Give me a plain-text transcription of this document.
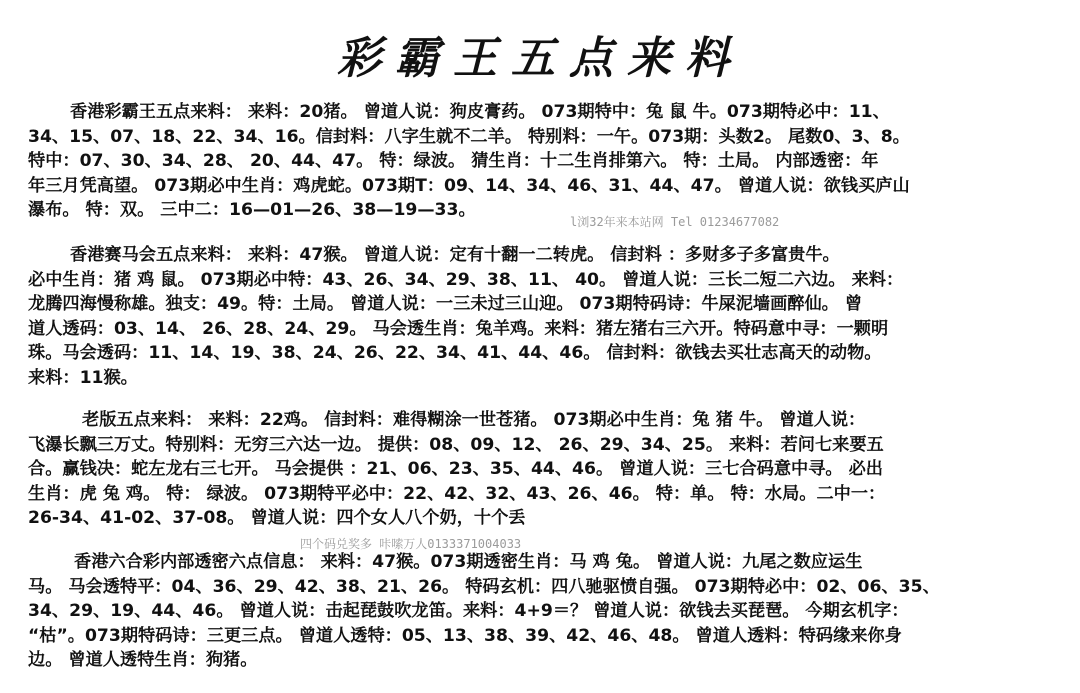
彩霸王五点来料
香港彩霸王五点来料： 来料：20猪。 曾道人说：狗皮膏药。 073期特中：兔 鼠 牛。073期特必中：11、
34、15、07、18、22、34、16。信封料：八字生就不二羊。 特别料：一午。073期：头数2。 尾数0、3、8。
特中：07、30、34、28、 20、44、47。 特：绿波。 猜生肖：十二生肖排第六。 特：土局。 内部透密：年
年三月凭高望。 073期必中生肖：鸡虎蛇。073期T：09、14、34、46、31、44、47。 曾道人说：欲钱买庐山
瀑布。 特：双。 三中二：16—01—26、38—19—33。
l浏32年来本站网 Tel 01234677082
香港赛马会五点来料： 来料：47猴。 曾道人说：定有十翻一二转虎。 信封料 ：多财多子多富贵牛。
必中生肖：猪 鸡 鼠。 073期必中特：43、26、34、29、38、11、 40。 曾道人说：三长二短二六边。 来料：
龙腾四海慢称雄。独支：49。特：土局。 曾道人说：一三未过三山迎。 073期特码诗：牛屎泥墙画醉仙。 曾
道人透码：03、14、 26、28、24、29。 马会透生肖：兔羊鸡。来料：猪左猪右三六开。特码意中寻：一颗明
珠。马会透码：11、14、19、38、24、26、22、34、41、44、46。 信封料：欲钱去买壮志高天的动物。
来料：11猴。
老版五点来料： 来料：22鸡。 信封料：难得糊涂一世苍猪。 073期必中生肖：兔 猪 牛。 曾道人说：
飞瀑长飘三万丈。特别料：无穷三六达一边。 提供：08、09、12、 26、29、34、25。 来料：若问七来要五
合。赢钱决：蛇左龙右三七开。 马会提供 ：21、06、23、35、44、46。 曾道人说：三七合码意中寻。 必出
生肖：虎 兔 鸡。 特： 绿波。 073期特平必中：22、42、32、43、26、46。 特：单。 特：水局。二中一：
26-34、41-02、37-08。 曾道人说：四个女人八个奶，十个丢
四个码兑奖多 咔嗦万人0133371004033
香港六合彩内部透密六点信息： 来料：47猴。073期透密生肖：马 鸡 兔。 曾道人说：九尾之数应运生
马。 马会透特平：04、36、29、42、38、21、26。 特码玄机：四八驰驱愤自强。 073期特必中：02、06、35、
34、29、19、44、46。 曾道人说：击起琵鼓吹龙笛。来料：4+9＝？ 曾道人说：欲钱去买琵琶。 今期玄机字：
“枯”。073期特码诗：三更三点。 曾道人透特：05、13、38、39、42、46、48。 曾道人透料：特码缘来你身
边。 曾道人透特生肖：狗猪。
